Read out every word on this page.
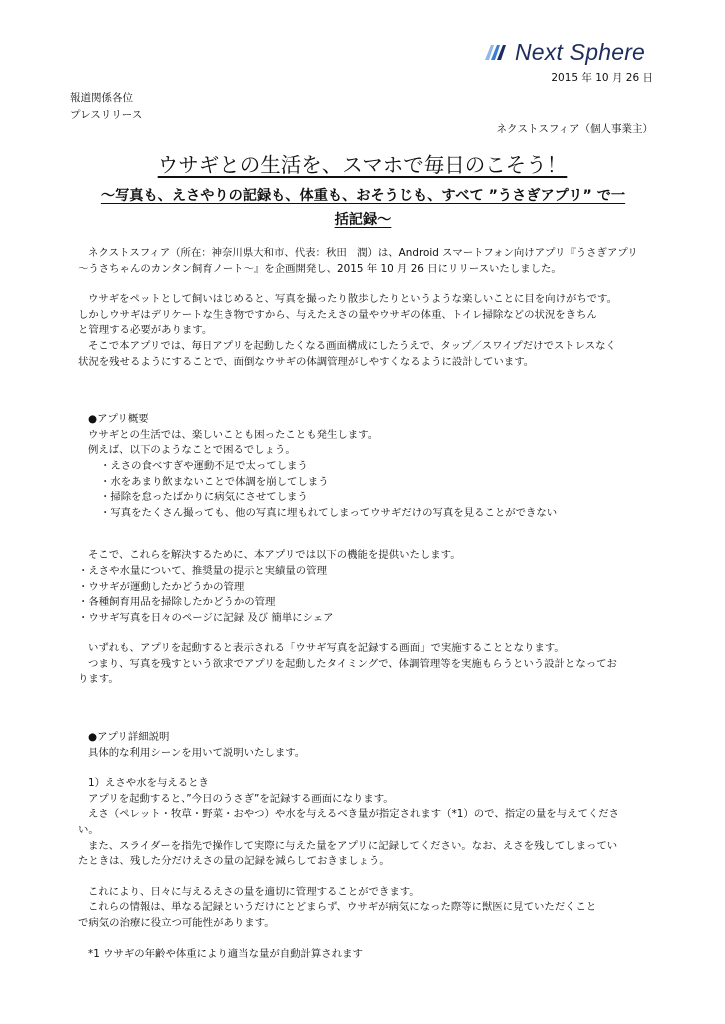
Next Sphere
2015 年 10 月 26 日
報道関係各位
プレスリリース
ネクストスフィア（個人事業主）
ウサギとの生活を、スマホで毎日のこそう！
～写真も、えさやりの記録も、体重も、おそうじも、すべて ”うさぎアプリ” で一
括記録～

ネクストスフィア（所在：神奈川県大和市、代表：秋田　潤）は、Android スマートフォン向けアプリ『うさぎアプリ

～うさちゃんのカンタン飼育ノート～』を企画開発し、2015 年 10 月 26 日にリリースいたしました。

ウサギをペットとして飼いはじめると、写真を撮ったり散歩したりというような楽しいことに目を向けがちです。

しかしウサギはデリケートな生き物ですから、与えたえさの量やウサギの体重、トイレ掃除などの状況をきちん

と管理する必要があります。

そこで本アプリでは、毎日アプリを起動したくなる画面構成にしたうえで、タップ／スワイプだけでストレスなく

状況を残せるようにすることで、面倒なウサギの体調管理がしやすくなるように設計しています。

●アプリ概要

ウサギとの生活では、楽しいことも困ったことも発生します。

例えば、以下のようなことで困るでしょう。

・えさの食べすぎや運動不足で太ってしまう

・水をあまり飲まないことで体調を崩してしまう

・掃除を怠ったばかりに病気にさせてしまう

・写真をたくさん撮っても、他の写真に埋もれてしまってウサギだけの写真を見ることができない

そこで、これらを解決するために、本アプリでは以下の機能を提供いたします。

・えさや水量について、推奨量の提示と実績量の管理

・ウサギが運動したかどうかの管理

・各種飼育用品を掃除したかどうかの管理

・ウサギ写真を日々のページに記録 及び 簡単にシェア

いずれも、アプリを起動すると表示される「ウサギ写真を記録する画面」で実施することとなります。

つまり、写真を残すという欲求でアプリを起動したタイミングで、体調管理等を実施もらうという設計となってお

ります。

●アプリ詳細説明

具体的な利用シーンを用いて説明いたします。

1）えさや水を与えるとき

アプリを起動すると、”今日のうさぎ”を記録する画面になります。

えさ（ペレット・牧草・野菜・おやつ）や水を与えるべき量が指定されます（*1）ので、指定の量を与えてくださ

い。

また、スライダーを指先で操作して実際に与えた量をアプリに記録してください。なお、えさを残してしまってい

たときは、残した分だけえさの量の記録を減らしておきましょう。

これにより、日々に与えるえさの量を適切に管理することができます。

これらの情報は、単なる記録というだけにとどまらず、ウサギが病気になった際等に獣医に見ていただくこと

で病気の治療に役立つ可能性があります。

*1 ウサギの年齢や体重により適当な量が自動計算されます
